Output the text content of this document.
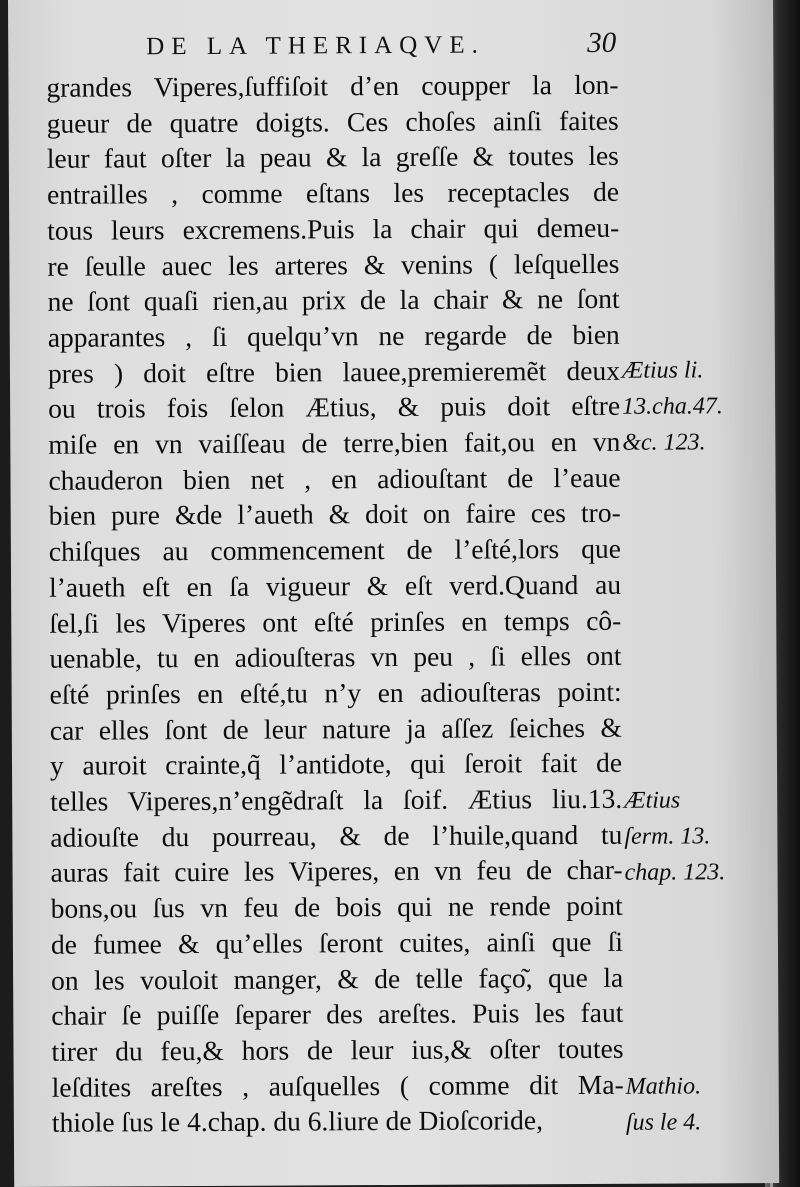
DE LA THERIAQVE.	30
grandes Viperes,ſuffiſoit d’en coupper la lon-
gueur de quatre doigts. Ces choſes ainſi faites
leur faut oſter la peau & la greſſe & toutes les
entrailles , comme eſtans les receptacles de
tous leurs excremens.Puis la chair qui demeu-
re ſeulle auec les arteres & venins ( leſquelles
ne ſont quaſi rien,au prix de la chair & ne ſont
apparantes , ſi quelqu’vn ne regarde de bien
pres ) doit eſtre bien lauee,premieremẽt deux
ou trois fois ſelon Ætius, & puis doit eſtre
miſe en vn vaiſſeau de terre,bien fait,ou en vn
chauderon bien net , en adiouſtant de l’eaue
bien pure &de l’aueth & doit on faire ces tro-
chiſques au commencement de l’eſté,lors que
l’aueth eſt en ſa vigueur & eſt verd.Quand au
ſel,ſi les Viperes ont eſté prinſes en temps cô-
uenable, tu en adiouſteras vn peu , ſi elles ont
eſté prinſes en eſté,tu n’y en adiouſteras point:
car elles ſont de leur nature ja aſſez ſeiches &
y auroit crainte,q̃ l’antidote, qui ſeroit fait de
telles Viperes,n’engẽdraſt la ſoif. Ætius liu.13.
adiouſte du pourreau, & de l’huile,quand tu
auras fait cuire les Viperes, en vn feu de char-
bons,ou ſus vn feu de bois qui ne rende point
de fumee & qu’elles ſeront cuites, ainſi que ſi
on les vouloit manger, & de telle faço͂, que la
chair ſe puiſſe ſeparer des areſtes. Puis les faut
tirer du feu,& hors de leur ius,& oſter toutes
leſdites areſtes , auſquelles ( comme dit Ma-
thiole ſus le 4.chap. du 6.liure de Dioſcoride,
Ætius li.
13.cha.47.
&c. 123.
Ætius
ſerm. 13.
chap. 123.
Mathio.
ſus le 4.
